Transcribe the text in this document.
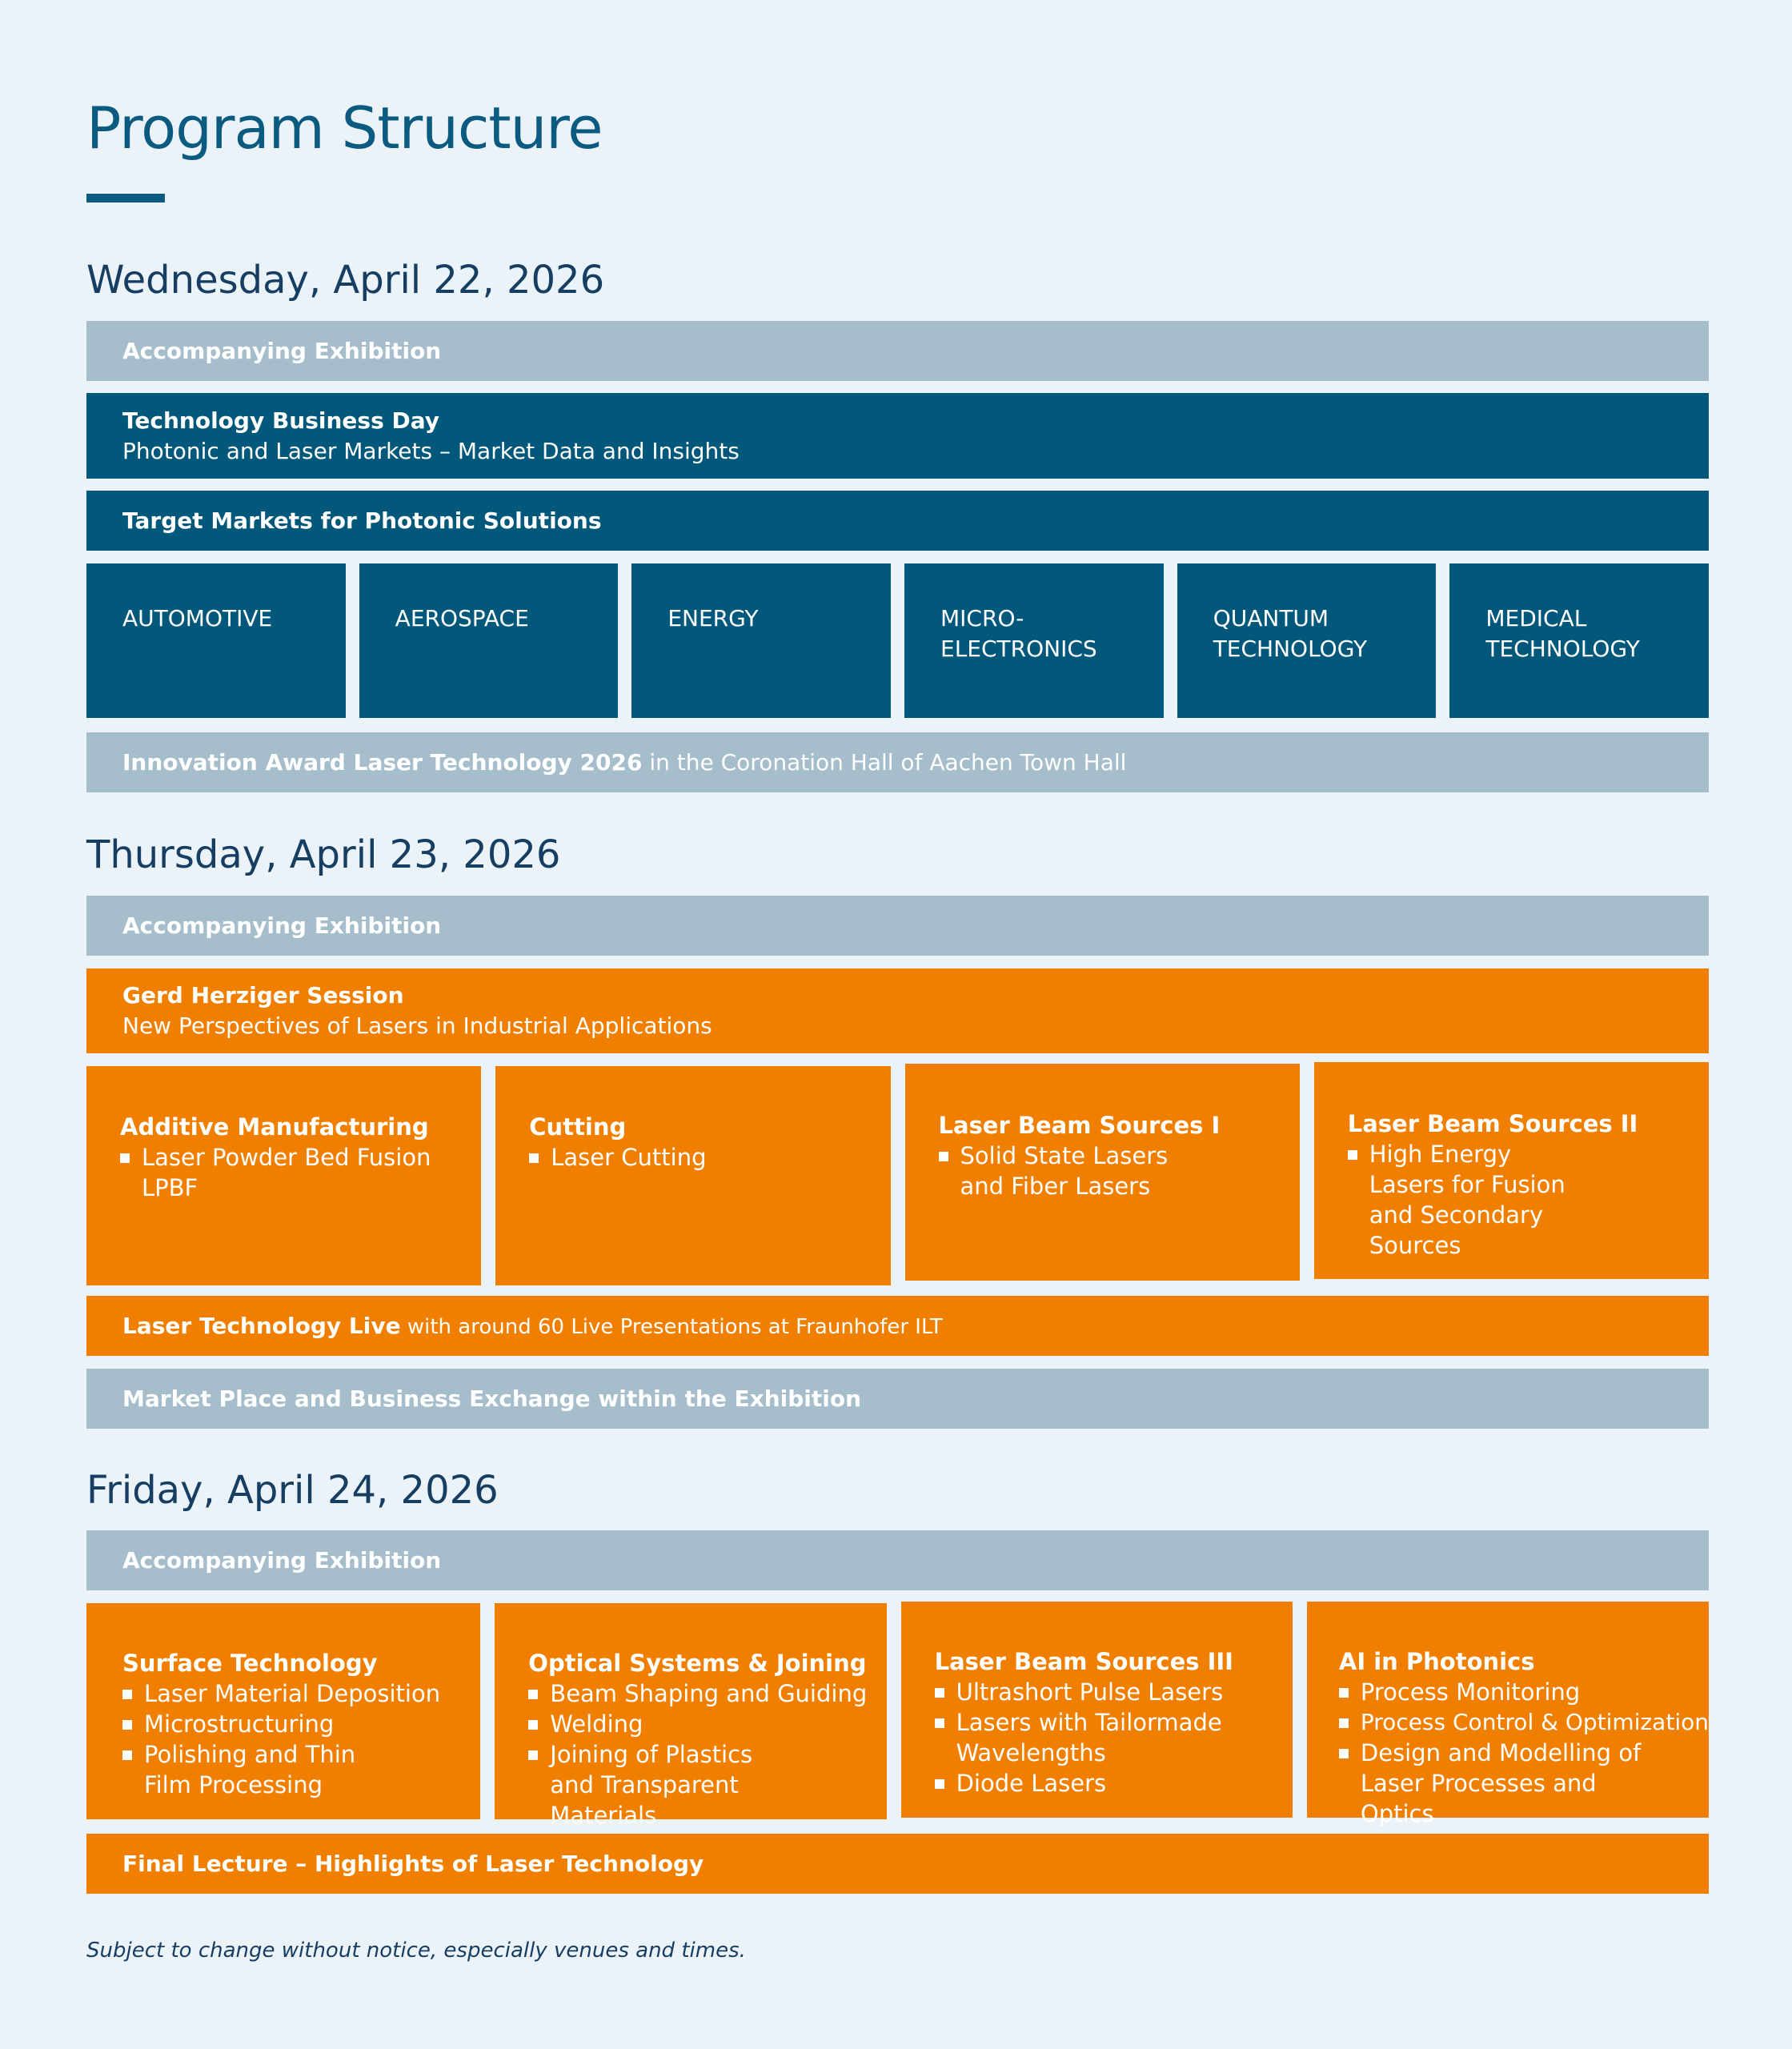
Program Structure
Wednesday, April 22, 2026
Accompanying Exhibition
Technology Business Day
Photonic and Laser Markets – Market Data and Insights
Target Markets for Photonic Solutions
AUTOMOTIVE	AEROSPACE	ENERGY	MICRO-
ELECTRONICS
QUANTUM
TECHNOLOGY
MEDICAL
TECHNOLOGY
Innovation Award Laser Technology 2026 in the Coronation Hall of Aachen Town Hall
Thursday, April 23, 2026
Accompanying Exhibition
Gerd Herziger Session
New Perspectives of Lasers in Industrial Applications
Additive Manufacturing
Laser Powder Bed Fusion LPBF
Cutting
Laser Cutting
Laser Beam Sources I
Solid State Lasers and Fiber Lasers
Laser Beam Sources II
High Energy Lasers for Fusion and Secondary Sources
Laser Technology Live with around 60 Live Presentations at Fraunhofer ILT
Market Place and Business Exchange within the Exhibition
Friday, April 24, 2026
Accompanying Exhibition
Surface Technology
Laser Material Deposition
Microstructuring
Polishing and Thin Film Processing
Optical Systems & Joining
Beam Shaping and Guiding
Welding
Joining of Plastics and Transparent Materials
Laser Beam Sources III
Ultrashort Pulse Lasers
Lasers with Tailormade Wavelengths
Diode Lasers
AI in Photonics
Process Monitoring
Process Control & Optimization
Design and Modelling of Laser Processes and Optics
Final Lecture – Highlights of Laser Technology
Subject to change without notice, especially venues and times.
